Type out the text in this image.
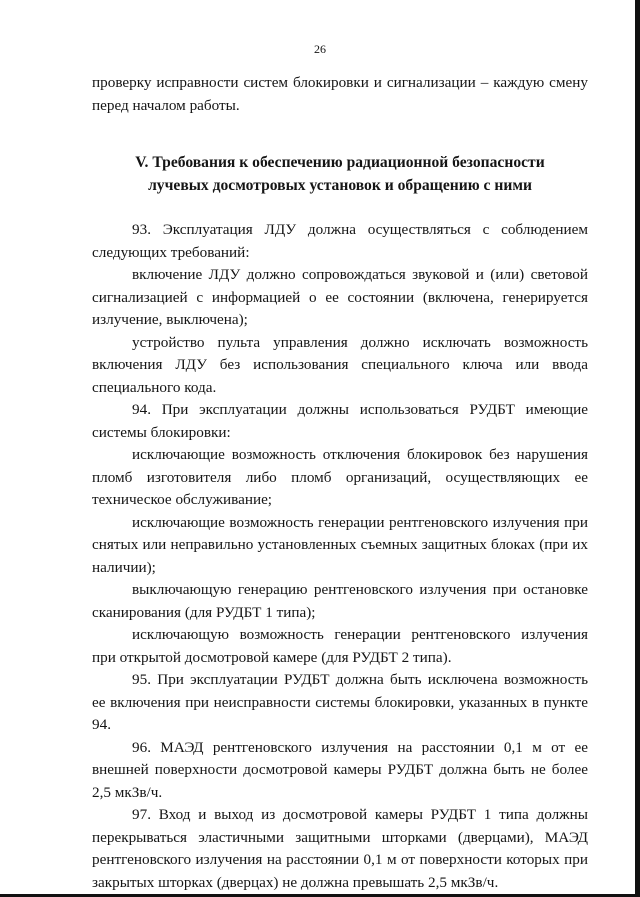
26

проверку исправности систем блокировки и сигнализации – каждую смену перед началом работы.

V. Требования к обеспечению радиационной безопасности
лучевых досмотровых установок и обращению с ними

93. Эксплуатация ЛДУ должна осуществляться с соблюдением следующих требований:

включение ЛДУ должно сопровождаться звуковой и (или) световой сигнализацией с информацией о ее состоянии (включена, генерируется излучение, выключена);

устройство пульта управления должно исключать возможность включения ЛДУ без использования специального ключа или ввода специального кода.

94. При эксплуатации должны использоваться РУДБТ имеющие системы блокировки:

исключающие возможность отключения блокировок без нарушения пломб изготовителя либо пломб организаций, осуществляющих ее техническое обслуживание;

исключающие возможность генерации рентгеновского излучения при снятых или неправильно установленных съемных защитных блоках (при их наличии);

выключающую генерацию рентгеновского излучения при остановке сканирования (для РУДБТ 1 типа);

исключающую возможность генерации рентгеновского излучения при открытой досмотровой камере (для РУДБТ 2 типа).

95. При эксплуатации РУДБТ должна быть исключена возможность ее включения при неисправности системы блокировки, указанных в пункте 94.

96. МАЭД рентгеновского излучения на расстоянии 0,1 м от ее внешней поверхности досмотровой камеры РУДБТ должна быть не более 2,5 мкЗв/ч.

97. Вход и выход из досмотровой камеры РУДБТ 1 типа должны перекрываться эластичными защитными шторками (дверцами), МАЭД рентгеновского излучения на расстоянии 0,1 м от поверхности которых при закрытых шторках (дверцах) не должна превышать 2,5 мкЗв/ч.
